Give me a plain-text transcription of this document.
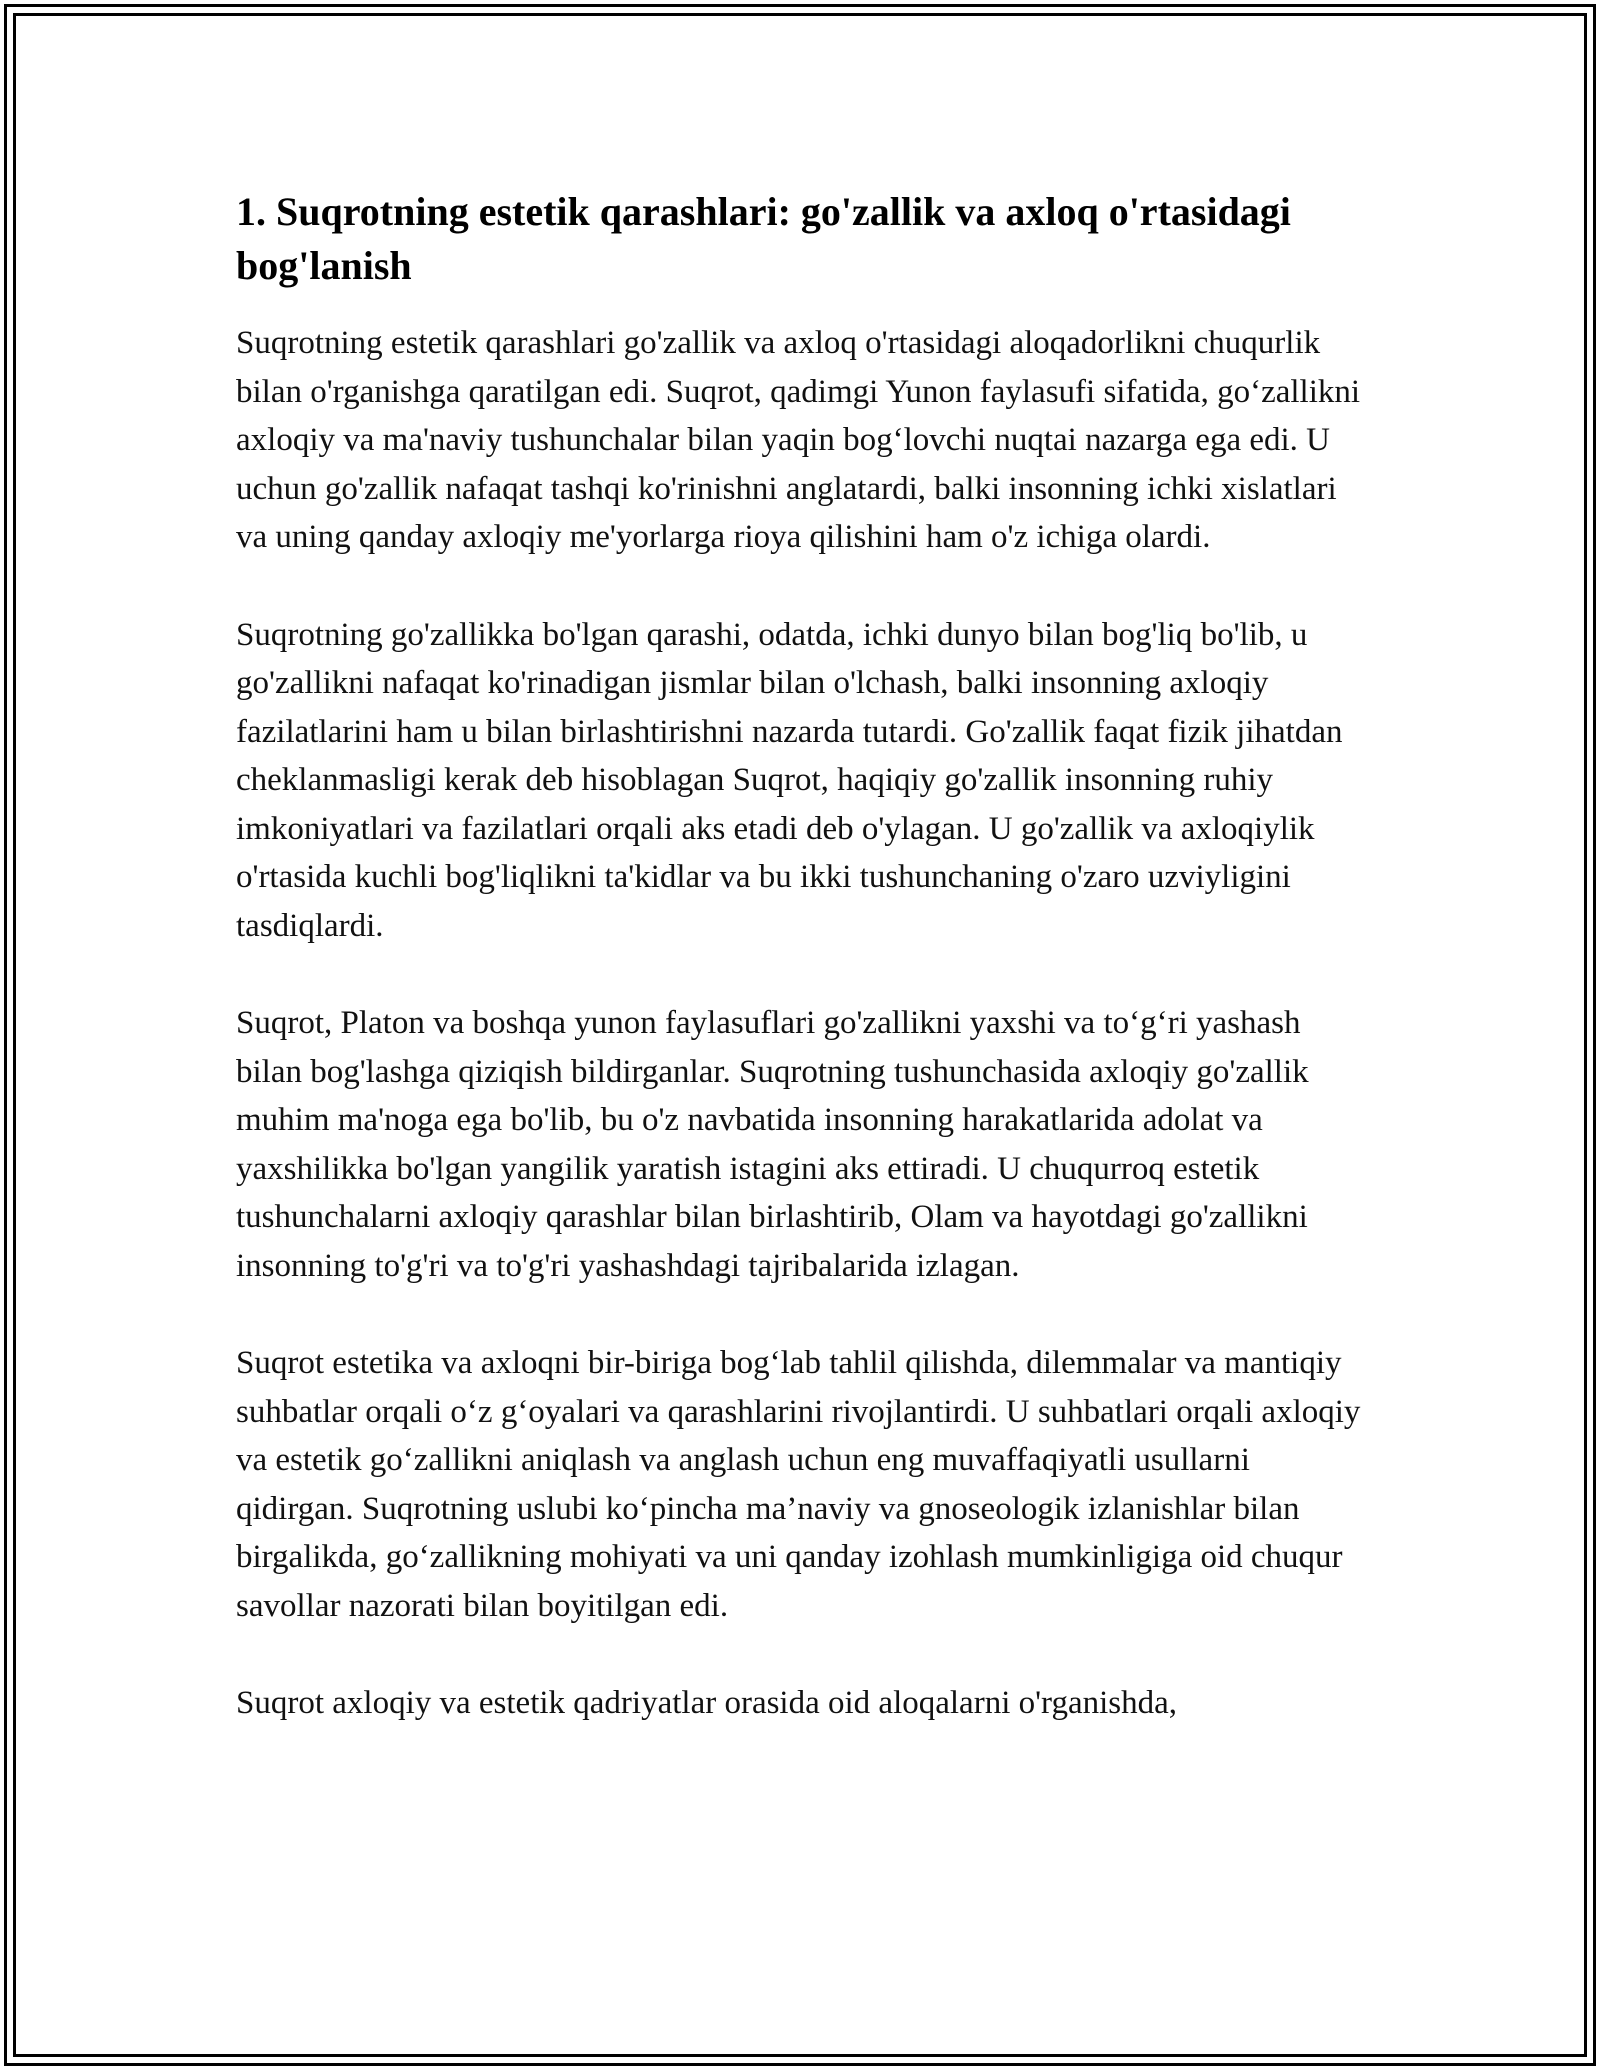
1. Suqrotning estetik qarashlari: go'zallik va axloq o'rtasidagi bog'lanish

Suqrotning estetik qarashlari go'zallik va axloq o'rtasidagi aloqadorlikni chuqurlik bilan o'rganishga qaratilgan edi. Suqrot, qadimgi Yunon faylasufi sifatida, go‘zallikni axloqiy va ma'naviy tushunchalar bilan yaqin bog‘lovchi nuqtai nazarga ega edi. U uchun go'zallik nafaqat tashqi ko'rinishni anglatardi, balki insonning ichki xislatlari va uning qanday axloqiy me'yorlarga rioya qilishini ham o'z ichiga olardi.

Suqrotning go'zallikka bo'lgan qarashi, odatda, ichki dunyo bilan bog'liq bo'lib, u go'zallikni nafaqat ko'rinadigan jismlar bilan o'lchash, balki insonning axloqiy fazilatlarini ham u bilan birlashtirishni nazarda tutardi. Go'zallik faqat fizik jihatdan cheklanmasligi kerak deb hisoblagan Suqrot, haqiqiy go'zallik insonning ruhiy imkoniyatlari va fazilatlari orqali aks etadi deb o'ylagan. U go'zallik va axloqiylik o'rtasida kuchli bog'liqlikni ta'kidlar va bu ikki tushunchaning o'zaro uzviyligini tasdiqlardi.

Suqrot, Platon va boshqa yunon faylasuflari go'zallikni yaxshi va to‘g‘ri yashash bilan bog'lashga qiziqish bildirganlar. Suqrotning tushunchasida axloqiy go'zallik muhim ma'noga ega bo'lib, bu o'z navbatida insonning harakatlarida adolat va yaxshilikka bo'lgan yangilik yaratish istagini aks ettiradi. U chuqurroq estetik tushunchalarni axloqiy qarashlar bilan birlashtirib, Olam va hayotdagi go'zallikni insonning to'g'ri va to'g'ri yashashdagi tajribalarida izlagan.

Suqrot estetika va axloqni bir-biriga bog‘lab tahlil qilishda, dilemmalar va mantiqiy suhbatlar orqali o‘z g‘oyalari va qarashlarini rivojlantirdi. U suhbatlari orqali axloqiy va estetik go‘zallikni aniqlash va anglash uchun eng muvaffaqiyatli usullarni qidirgan. Suqrotning uslubi ko‘pincha ma’naviy va gnoseologik izlanishlar bilan birgalikda, go‘zallikning mohiyati va uni qanday izohlash mumkinligiga oid chuqur savollar nazorati bilan boyitilgan edi.

Suqrot axloqiy va estetik qadriyatlar orasida oid aloqalarni o'rganishda,
